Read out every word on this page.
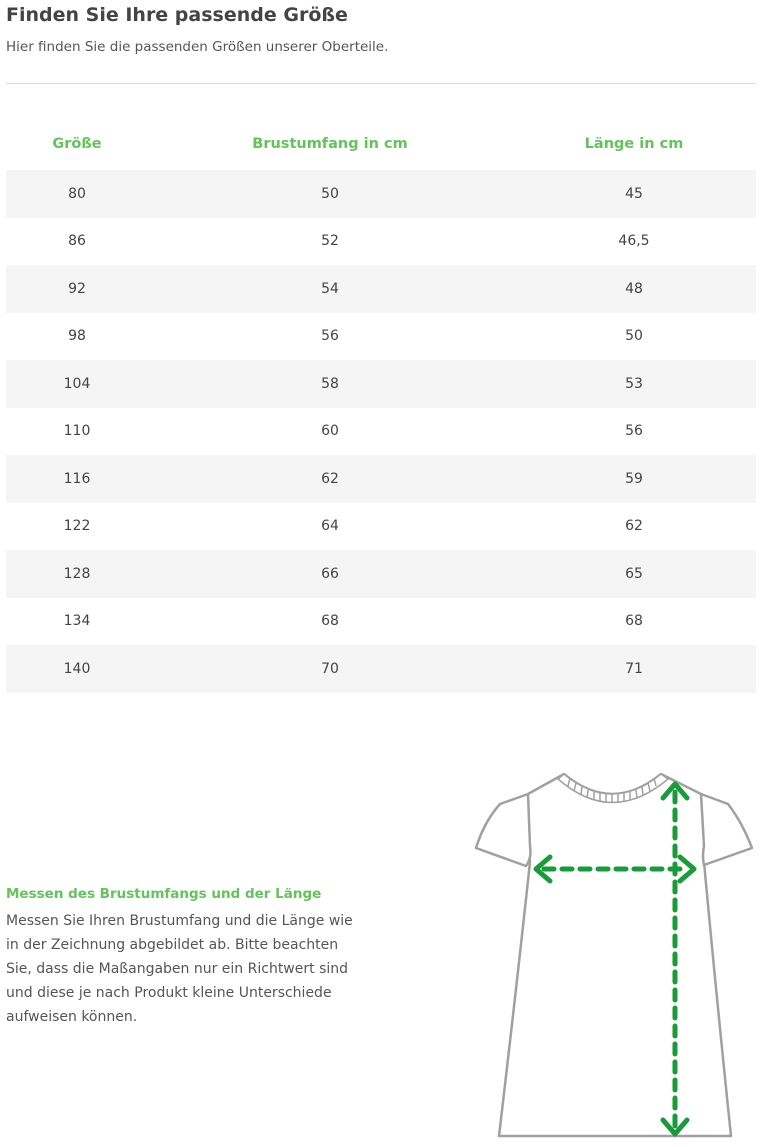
Finden Sie Ihre passende Größe
Hier finden Sie die passenden Größen unserer Oberteile.
Größe	Brustumfang in cm	Länge in cm
80	50	45
86	52	46,5
92	54	48
98	56	50
104	58	53
110	60	56
116	62	59
122	64	62
128	66	65
134	68	68
140	70	71
Messen des Brustumfangs und der Länge
Messen Sie Ihren Brustumfang und die Länge wie in der Zeichnung abgebildet ab. Bitte beachten Sie, dass die Maßangaben nur ein Richtwert sind und diese je nach Produkt kleine Unterschiede aufweisen können.
